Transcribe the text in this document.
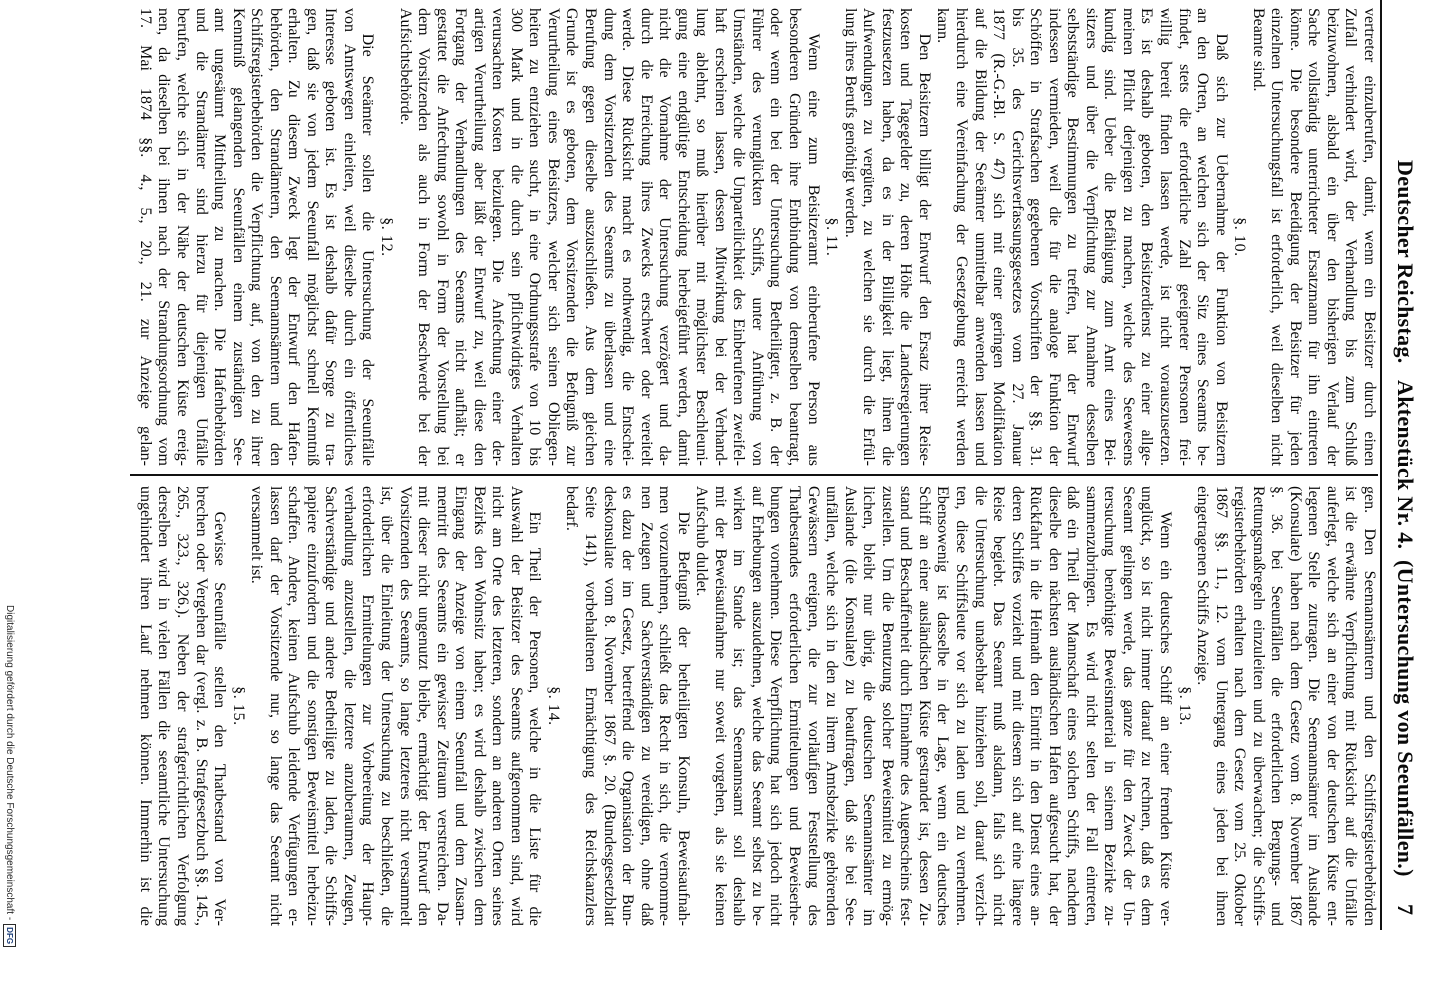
Deutscher Reichstag.
Aktenstück Nr. 4.
(Untersuchung von Seeunfällen.)
7
vertreter einzuberufen, damit, wenn ein Beisitzer durch einen
Zufall verhindert wird, der Verhandlung bis zum Schluß
beizuwohnen, alsbald ein über den bisherigen Verlauf der
Sache vollständig unterrichteter Ersatzmann für ihn eintreten
könne. Die besondere Beeidigung der Beisitzer für jeden
einzelnen Untersuchungsfall ist erforderlich, weil dieselben nicht
Beamte sind.
§. 10.
Daß sich zur Uebernahme der Funktion von Beisitzern
an den Orten, an welchen sich der Sitz eines Seeamts be-
findet, stets die erforderliche Zahl geeigneter Personen frei-
willig bereit finden lassen werde, ist nicht vorauszusetzen.
Es ist deshalb geboten, den Beisitzerdienst zu einer allge-
meinen Pflicht derjenigen zu machen, welche des Seewesens
kundig sind. Ueber die Befähigung zum Amt eines Bei-
sitzers und über die Verpflichtung zur Annahme desselben
selbstständige Bestimmungen zu treffen, hat der Entwurf
indessen vermieden, weil die für die analoge Funktion der
Schöffen in Strafsachen gegebenen Vorschriften der §§. 31.
bis 35. des Gerichtsverfassungsgesetzes vom 27. Januar
1877 (R.-G.-Bl. S. 47) sich mit einer geringen Modifikation
auf die Bildung der Seeämter unmittelbar anwenden lassen und
hierdurch eine Vereinfachung der Gesetzgebung erreicht werden
kann.
Den Beisitzern billigt der Entwurf den Ersatz ihrer Reise-
kosten und Tagegelder zu, deren Höhe die Landesregierungen
festzusetzen haben, da es in der Billigkeit liegt, ihnen die
Aufwendungen zu vergüten, zu welchen sie durch die Erfül-
lung ihres Berufs genöthigt werden.
§. 11.
Wenn eine zum Beisitzeramt einberufene Person aus
besonderen Gründen ihre Entbindung von demselben beantragt,
oder wenn ein bei der Untersuchung Betheiligter, z. B. der
Führer des verunglückten Schiffs, unter Anführung von
Umständen, welche die Unparteilichkeit des Einberufenen zweifel-
haft erscheinen lassen, dessen Mitwirkung bei der Verhand-
lung ablehnt, so muß hierüber mit möglichster Beschleuni-
gung eine endgültige Entscheidung herbeigeführt werden, damit
nicht die Vornahme der Untersuchung verzögert und da-
durch die Erreichung ihres Zwecks erschwert oder vereitelt
werde. Diese Rücksicht macht es nothwendig, die Entschei-
dung dem Vorsitzenden des Seeamts zu überlassen und eine
Berufung gegen dieselbe auszuschließen. Aus dem gleichen
Grunde ist es geboten, dem Vorsitzenden die Befugniß zur
Verurtheilung eines Beisitzers, welcher sich seinen Obliegen-
heiten zu entziehen sucht, in eine Ordnungsstrafe von 10 bis
300 Mark und in die durch sein pflichtwidriges Verhalten
verursachten Kosten beizulegen. Die Anfechtung einer der-
artigen Verurtheilung aber läßt der Entwurf zu, weil diese den
Fortgang der Verhandlungen des Seeamts nicht aufhält; er
gestattet die Anfechtung sowohl in Form der Vorstellung bei
dem Vorsitzenden als auch in Form der Beschwerde bei der
Aufsichtsbehörde.
§. 12.
Die Seeämter sollen die Untersuchung der Seeunfälle
von Amtswegen einleiten, weil dieselbe durch ein öffentliches
Interesse geboten ist. Es ist deshalb dafür Sorge zu tra-
gen, daß sie von jedem Seeunfall möglichst schnell Kenntniß
erhalten. Zu diesem Zweck legt der Entwurf den Hafen-
behörden, den Strandämtern, den Seemannsämtern und den
Schiffsregisterbehörden die Verpflichtung auf, von den zu ihrer
Kenntniß gelangenden Seeunfällen einem zuständigen See-
amt ungesäumt Mittheilung zu machen. Die Hafenbehörden
und die Strandämter sind hierzu für diejenigen Unfälle
berufen, welche sich in der Nähe der deutschen Küste ereig-
nen, da dieselben bei ihnen nach der Strandungsordnung vom
17. Mai 1874 §§. 4., 5., 20., 21. zur Anzeige gelan-
gen. Den Seemannsämtern und den Schiffsregisterbehörden
ist die erwähnte Verpflichtung mit Rücksicht auf die Unfälle
auferlegt, welche sich an einer von der deutschen Küste ent-
legenen Stelle zutragen. Die Seemannsämter im Auslande
(Konsulate) haben nach dem Gesetz vom 8. November 1867
§. 36. bei Seeunfällen die erforderlichen Bergungs- und
Rettungsmaßregeln einzuleiten und zu überwachen; die Schiffs-
registerbehörden erhalten nach dem Gesetz vom 25. Oktober
1867 §§. 11., 12. vom Untergang eines jeden bei ihnen
eingetragenen Schiffs Anzeige.
§. 13.
Wenn ein deutsches Schiff an einer fremden Küste ver-
unglückt, so ist nicht immer darauf zu rechnen, daß es dem
Seeamt gelingen werde, das ganze für den Zweck der Un-
tersuchung benöthigte Beweismaterial in seinem Bezirke zu-
sammenzubringen. Es wird nicht selten der Fall eintreten,
daß ein Theil der Mannschaft eines solchen Schiffs, nachdem
dieselbe den nächsten ausländischen Hafen aufgesucht hat, der
Rückfahrt in die Heimath den Eintritt in den Dienst eines an-
deren Schiffes vorzieht und mit diesem sich auf eine längere
Reise begiebt. Das Seeamt muß alsdann, falls sich nicht
die Untersuchung unabsehbar hinziehen soll, darauf verzich-
ten, diese Schiffsleute vor sich zu laden und zu vernehmen.
Ebensowenig ist dasselbe in der Lage, wenn ein deutsches
Schiff an einer ausländischen Küste gestrandet ist, dessen Zu-
stand und Beschaffenheit durch Einnahme des Augenscheins fest-
zustellen. Um die Benutzung solcher Beweismittel zu ermög-
lichen, bleibt nur übrig, die deutschen Seemannsämter im
Auslande (die Konsulate) zu beauftragen, daß sie bei See-
unfällen, welche sich in den zu ihrem Amtsbezirke gehörenden
Gewässern ereignen, die zur vorläufigen Feststellung des
Thatbestandes erforderlichen Ermittelungen und Beweiserhe-
bungen vornehmen. Diese Verpflichtung hat sich jedoch nicht
auf Erhebungen auszudehnen, welche das Seeamt selbst zu be-
wirken im Stande ist; das Seemannsamt soll deshalb
mit der Beweisaufnahme nur soweit vorgehen, als sie keinen
Aufschub duldet.
Die Befugniß der betheiligten Konsuln, Beweisaufnah-
men vorzunehmen, schließt das Recht in sich, die vernomme-
nen Zeugen und Sachverständigen zu vereidigen, ohne daß
es dazu der im Gesetz, betreffend die Organisation der Bun-
deskonsulate vom 8. November 1867 §. 20. (Bundesgesetzblatt
Seite 141), vorbehaltenen Ermächtigung des Reichskanzlers
bedarf.
§. 14.
Ein Theil der Personen, welche in die Liste für die
Auswahl der Beisitzer des Seeamts aufgenommen sind, wird
nicht am Orte des letzteren, sondern an anderen Orten seines
Bezirks den Wohnsitz haben; es wird deshalb zwischen dem
Eingang der Anzeige von einem Seeunfall und dem Zusam-
mentritt des Seeamts ein gewisser Zeitraum verstreichen. Da-
mit dieser nicht ungenutzt bleibe, ermächtigt der Entwurf den
Vorsitzenden des Seeamts, so lange letzteres nicht versammelt
ist, über die Einleitung der Untersuchung zu beschließen, die
erforderlichen Ermittelungen zur Vorbereitung der Haupt-
verhandlung anzustellen, die letztere anzuberaumen, Zeugen,
Sachverständige und andere Betheiligte zu laden, die Schiffs-
papiere einzufordern und die sonstigen Beweismittel herbeizu-
schaffen. Andere, keinen Aufschub leidende Verfügungen er-
lassen darf der Vorsitzende nur, so lange das Seeamt nicht
versammelt ist.
§. 15.
Gewisse Seeunfälle stellen den Thatbestand von Ver-
brechen oder Vergehen dar (vergl. z. B. Strafgesetzbuch §§. 145.,
265., 323., 326.). Neben der strafgerichtlichen Verfolgung
derselben wird in vielen Fällen die seeamtliche Untersuchung
ungehindert ihren Lauf nehmen können. Immerhin ist die
Digitalisierung gefördert durch die Deutsche Forschungsgemeinschaft -
DFG
